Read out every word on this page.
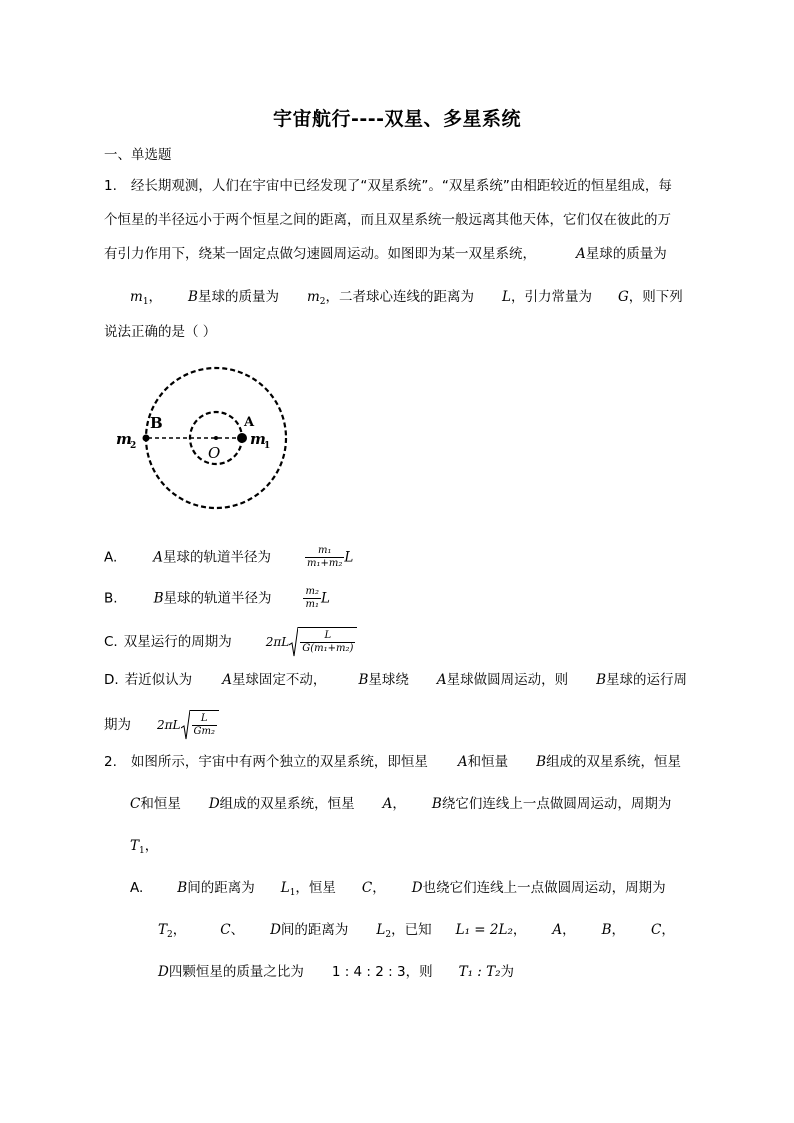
宇宙航行----双星、多星系统
一、单选题
1. 经长期观测，人们在宇宙中已经发现了“双星系统”。“双星系统”由相距较近的恒星组成，每
个恒星的半径远小于两个恒星之间的距离，而且双星系统一般远离其他天体，它们仅在彼此的万
有引力作用下，绕某一固定点做匀速圆周运动。如图即为某一双星系统，	A星球的质量为
$m_1$， B星球的质量为 $m_2$，二者球心连线的距离为 L，引力常量为 G，则下列
说法正确的是（ ）
B	A
m
2	m
1
O
A.	A星球的轨道半径为	$\frac{\text{m₁}}{\text{m₁+m₂}}$ L
B.	B星球的轨道半径为	$\frac{\text{m₂}}{\text{m₁}}$ L
C. 双星运行的周期为	$2\pi L \frac{L}{\text{G(m₁+m₂)}}$
D. 若近似认为 A星球固定不动， B星球绕 A星球做圆周运动，则 B星球的运行周
期为 $2\pi L \frac{L}{\text{Gm₂}}$
2. 如图所示，宇宙中有两个独立的双星系统，即恒星 A和恒量 B组成的双星系统，恒星
C和恒星 D组成的双星系统，恒星 A， B绕它们连线上一点做圆周运动，周期为
$T_1$，
A.	B间的距离为 $L_1$，恒星 C， D也绕它们连线上一点做圆周运动，周期为
$T_2$，	C、 D间的距离为 $L_2$，已知 L₁ = 2L₂， A， B， C，
D四颗恒星的质量之比为 1 : 4 : 2 : 3，则 T₁ : T₂为
